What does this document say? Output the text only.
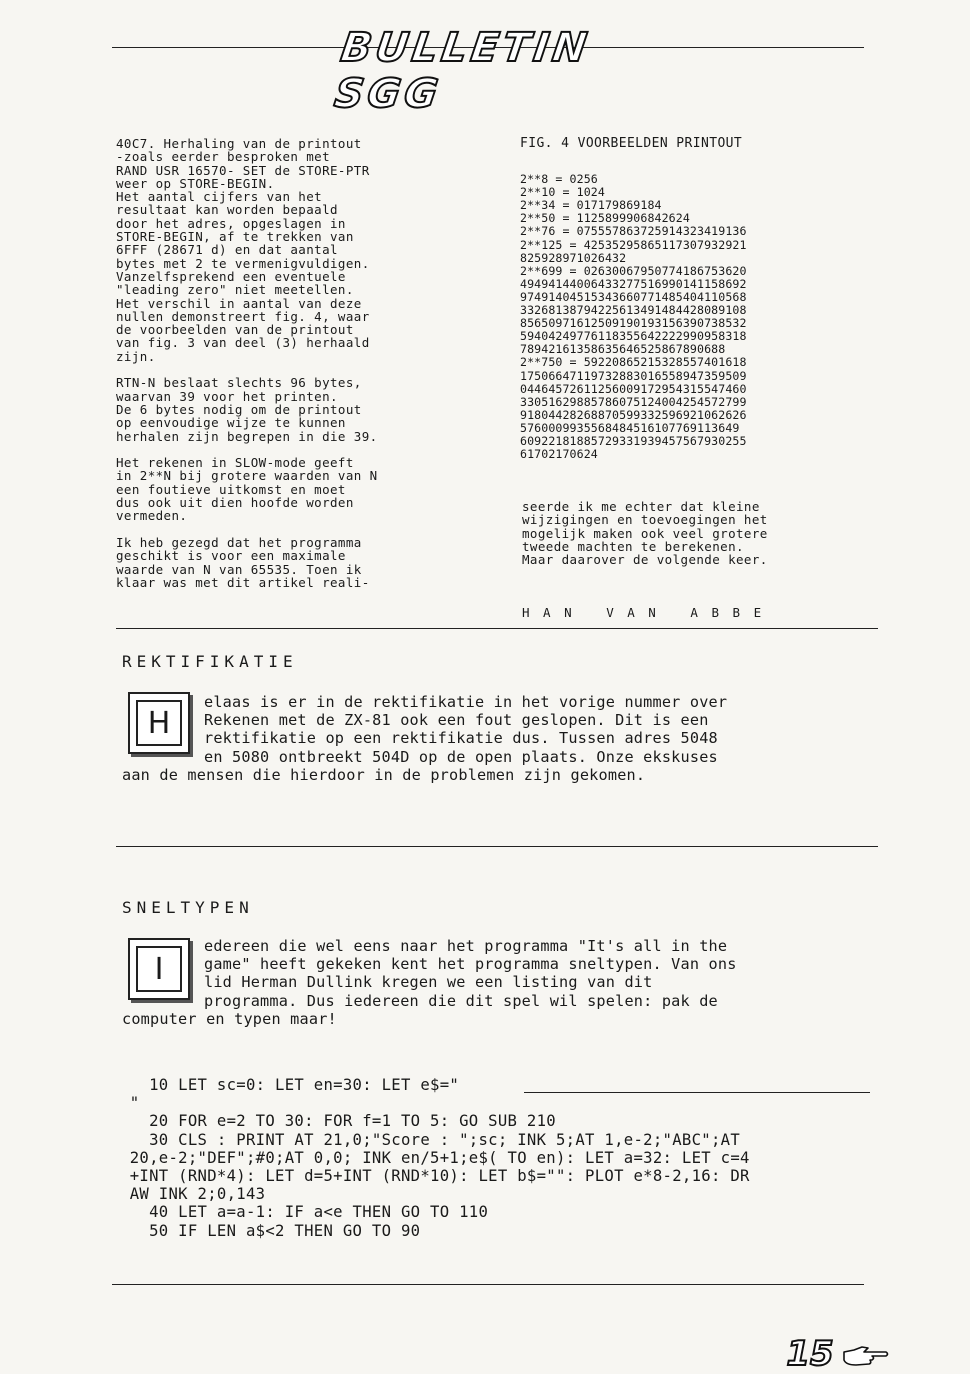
BULLETIN SGG
40C7. Herhaling van de printout
-zoals eerder besproken met
RAND USR 16570- SET de STORE-PTR
weer op STORE-BEGIN.
Het aantal cijfers van het
resultaat kan worden bepaald
door het adres, opgeslagen in
STORE-BEGIN, af te trekken van
6FFF (28671 d) en dat aantal
bytes met 2 te vermenigvuldigen.
Vanzelfsprekend een eventuele
"leading zero" niet meetellen.
Het verschil in aantal van deze
nullen demonstreert fig. 4, waar
de voorbeelden van de printout
van fig. 3 van deel (3) herhaald
zijn.

RTN-N beslaat slechts 96 bytes,
waarvan 39 voor het printen.
De 6 bytes nodig om de printout
op eenvoudige wijze te kunnen
herhalen zijn begrepen in die 39.

Het rekenen in SLOW-mode geeft
in 2**N bij grotere waarden van N
een foutieve uitkomst en moet
dus ook uit dien hoofde worden
vermeden.

Ik heb gezegd dat het programma
geschikt is voor een maximale
waarde van N van 65535. Toen ik
klaar was met dit artikel reali-
FIG. 4 VOORBEELDEN PRINTOUT

2**8 = 0256
2**10 = 1024
2**34 = 017179869184
2**50 = 1125899906842624
2**76 = 075557863725914323419136
2**125 = 42535295865117307932921
825928971026432
2**699 = 02630067950774186753620
49494144006433277516990141158692
97491404515343660771485404110568
33268138794225613491484428089108
85650971612509190193156390738532
59404249776118355642222990958318
78942161358635646525867890688
2**750 = 59220865215328557401618
17506647119732883016558947359509
04464572611256009172954315547460
33051629885786075124004254572799
91804428268870599332596921062626
5760009935568484516107769113649
60922181885729331939457567930255
61702170624
seerde ik me echter dat kleine
wijzigingen en toevoegingen het
mogelijk maken ook veel grotere
tweede machten te berekenen.
Maar daarover de volgende keer.
H A N   V A N   A B B E
REKTIFIKATIE
H
elaas is er in de rektifikatie in het vorige nummer over
Rekenen met de ZX-81 ook een fout geslopen. Dit is een
rektifikatie op een rektifikatie dus. Tussen adres 5048
en 5080 ontbreekt 504D op de open plaats. Onze ekskuses
aan de mensen die hierdoor in de problemen zijn gekomen.
SNELTYPEN
I
edereen die wel eens naar het programma "It's all in the
game" heeft gekeken kent het programma sneltypen. Van ons
lid Herman Dullink kregen we een listing van dit
programma. Dus iedereen die dit spel wil spelen: pak de
computer en typen maar!
10 LET sc=0: LET en=30: LET e$="
"
20 FOR e=2 TO 30: FOR f=1 TO 5: GO SUB 210
30 CLS : PRINT AT 21,0;"Score : ";sc; INK 5;AT 1,e-2;"ABC";AT
20,e-2;"DEF";#0;AT 0,0; INK en/5+1;e$( TO en): LET a=32: LET c=4
+INT (RND*4): LET d=5+INT (RND*10): LET b$="": PLOT e*8-2,16: DR
AW INK 2;0,143
40 LET a=a-1: IF a<e THEN GO TO 110
50 IF LEN a$<2 THEN GO TO 90
15
